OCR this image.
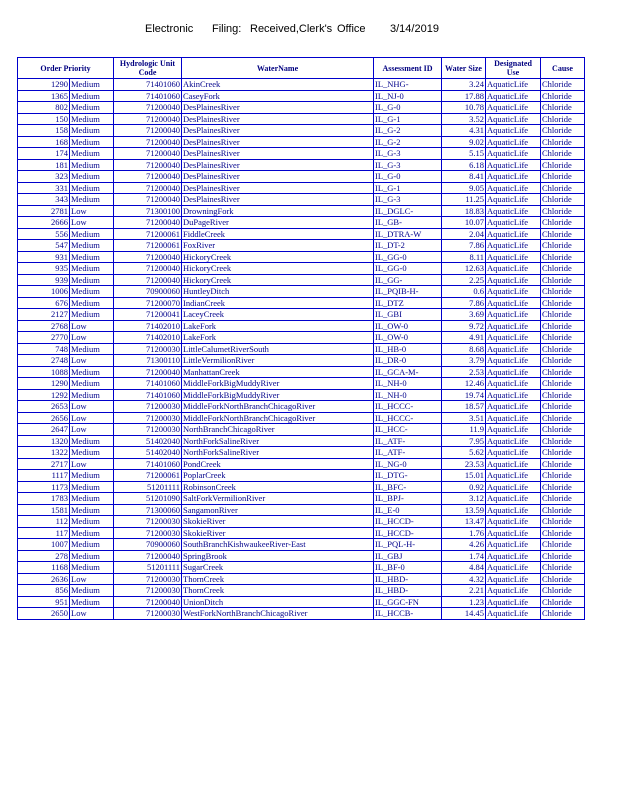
Electronic Filing: Received,Clerk's Office 3/14/2019
Order Priority		Hydrologic Unit Code	WaterName	Assessment ID	Water Size	Designated Use	Cause
1290	Medium	71401060	AkinCreek	IL_NHG-	3.24	AquaticLife	Chloride
1365	Medium	71401060	CaseyFork	IL_NJ-0	17.88	AquaticLife	Chloride
802	Medium	71200040	DesPlainesRiver	IL_G-0	10.78	AquaticLife	Chloride
150	Medium	71200040	DesPlainesRiver	IL_G-1	3.52	AquaticLife	Chloride
158	Medium	71200040	DesPlainesRiver	IL_G-2	4.31	AquaticLife	Chloride
168	Medium	71200040	DesPlainesRiver	IL_G-2	9.02	AquaticLife	Chloride
174	Medium	71200040	DesPlainesRiver	IL_G-3	5.15	AquaticLife	Chloride
181	Medium	71200040	DesPlainesRiver	IL_G-3	6.18	AquaticLife	Chloride
323	Medium	71200040	DesPlainesRiver	IL_G-0	8.41	AquaticLife	Chloride
331	Medium	71200040	DesPlainesRiver	IL_G-1	9.05	AquaticLife	Chloride
343	Medium	71200040	DesPlainesRiver	IL_G-3	11.25	AquaticLife	Chloride
2781	Low	71300100	DrowningFork	IL_DGLC-	18.83	AquaticLife	Chloride
2666	Low	71200040	DuPageRiver	IL_GB-	10.07	AquaticLife	Chloride
556	Medium	71200061	FiddleCreek	IL_DTRA-W	2.04	AquaticLife	Chloride
547	Medium	71200061	FoxRiver	IL_DT-2	7.86	AquaticLife	Chloride
931	Medium	71200040	HickoryCreek	IL_GG-0	8.11	AquaticLife	Chloride
935	Medium	71200040	HickoryCreek	IL_GG-0	12.63	AquaticLife	Chloride
939	Medium	71200040	HickoryCreek	IL_GG-	2.25	AquaticLife	Chloride
1006	Medium	70900060	HuntleyDitch	IL_PQIB-H-	0.6	AquaticLife	Chloride
676	Medium	71200070	IndianCreek	IL_DTZ	7.86	AquaticLife	Chloride
2127	Medium	71200041	LaceyCreek	IL_GBI	3.69	AquaticLife	Chloride
2768	Low	71402010	LakeFork	IL_OW-0	9.72	AquaticLife	Chloride
2770	Low	71402010	LakeFork	IL_OW-0	4.91	AquaticLife	Chloride
748	Medium	71200030	LittleCalumetRiverSouth	IL_HB-0	8.68	AquaticLife	Chloride
2748	Low	71300110	LittleVermilionRiver	IL_DR-0	3.79	AquaticLife	Chloride
1088	Medium	71200040	ManhattanCreek	IL_GCA-M-	2.53	AquaticLife	Chloride
1290	Medium	71401060	MiddleForkBigMuddyRiver	IL_NH-0	12.46	AquaticLife	Chloride
1292	Medium	71401060	MiddleForkBigMuddyRiver	IL_NH-0	19.74	AquaticLife	Chloride
2653	Low	71200030	MiddleForkNorthBranchChicagoRiver	IL_HCCC-	18.57	AquaticLife	Chloride
2656	Low	71200030	MiddleForkNorthBranchChicagoRiver	IL_HCCC-	3.51	AquaticLife	Chloride
2647	Low	71200030	NorthBranchChicagoRiver	IL_HCC-	11.9	AquaticLife	Chloride
1320	Medium	51402040	NorthForkSalineRiver	IL_ATF-	7.95	AquaticLife	Chloride
1322	Medium	51402040	NorthForkSalineRiver	IL_ATF-	5.62	AquaticLife	Chloride
2717	Low	71401060	PondCreek	IL_NG-0	23.53	AquaticLife	Chloride
1117	Medium	71200061	PoplarCreek	IL_DTG-	15.01	AquaticLife	Chloride
1173	Medium	51201111	RobinsonCreek	IL_BFC-	0.92	AquaticLife	Chloride
1783	Medium	51201090	SaltForkVermilionRiver	IL_BPJ-	3.12	AquaticLife	Chloride
1581	Medium	71300060	SangamonRiver	IL_E-0	13.59	AquaticLife	Chloride
112	Medium	71200030	SkokieRiver	IL_HCCD-	13.47	AquaticLife	Chloride
117	Medium	71200030	SkokieRiver	IL_HCCD-	1.76	AquaticLife	Chloride
1007	Medium	70900060	SouthBranchKishwaukeeRiver-East	IL_PQL-H-	4.26	AquaticLife	Chloride
278	Medium	71200040	SpringBrook	IL_GBJ	1.74	AquaticLife	Chloride
1168	Medium	51201111	SugarCreek	IL_BF-0	4.84	AquaticLife	Chloride
2636	Low	71200030	ThornCreek	IL_HBD-	4.32	AquaticLife	Chloride
856	Medium	71200030	ThornCreek	IL_HBD-	2.21	AquaticLife	Chloride
951	Medium	71200040	UnionDitch	IL_GGC-FN	1.23	AquaticLife	Chloride
2650	Low	71200030	WestForkNorthBranchChicagoRiver	IL_HCCB-	14.45	AquaticLife	Chloride
